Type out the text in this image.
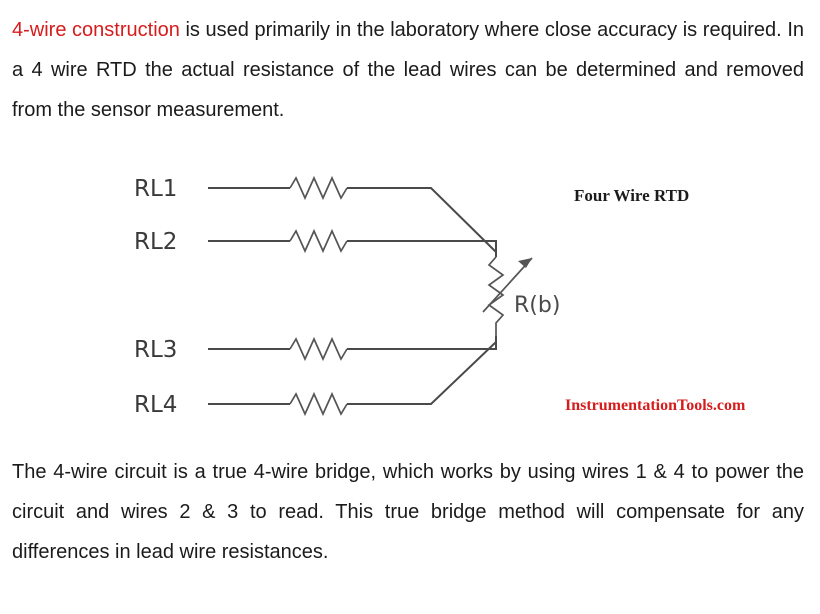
4-wire construction is used primarily in the laboratory where close accuracy is required. In a 4 wire RTD the actual resistance of the lead wires can be determined and removed from the sensor measurement.

RL1
RL2
RL3
RL4
R(b)
Four Wire RTD
InstrumentationTools.com

The 4-wire circuit is a true 4-wire bridge, which works by using wires 1 & 4 to power the circuit and wires 2 & 3 to read. This true bridge method will compensate for any differences in lead wire resistances.
